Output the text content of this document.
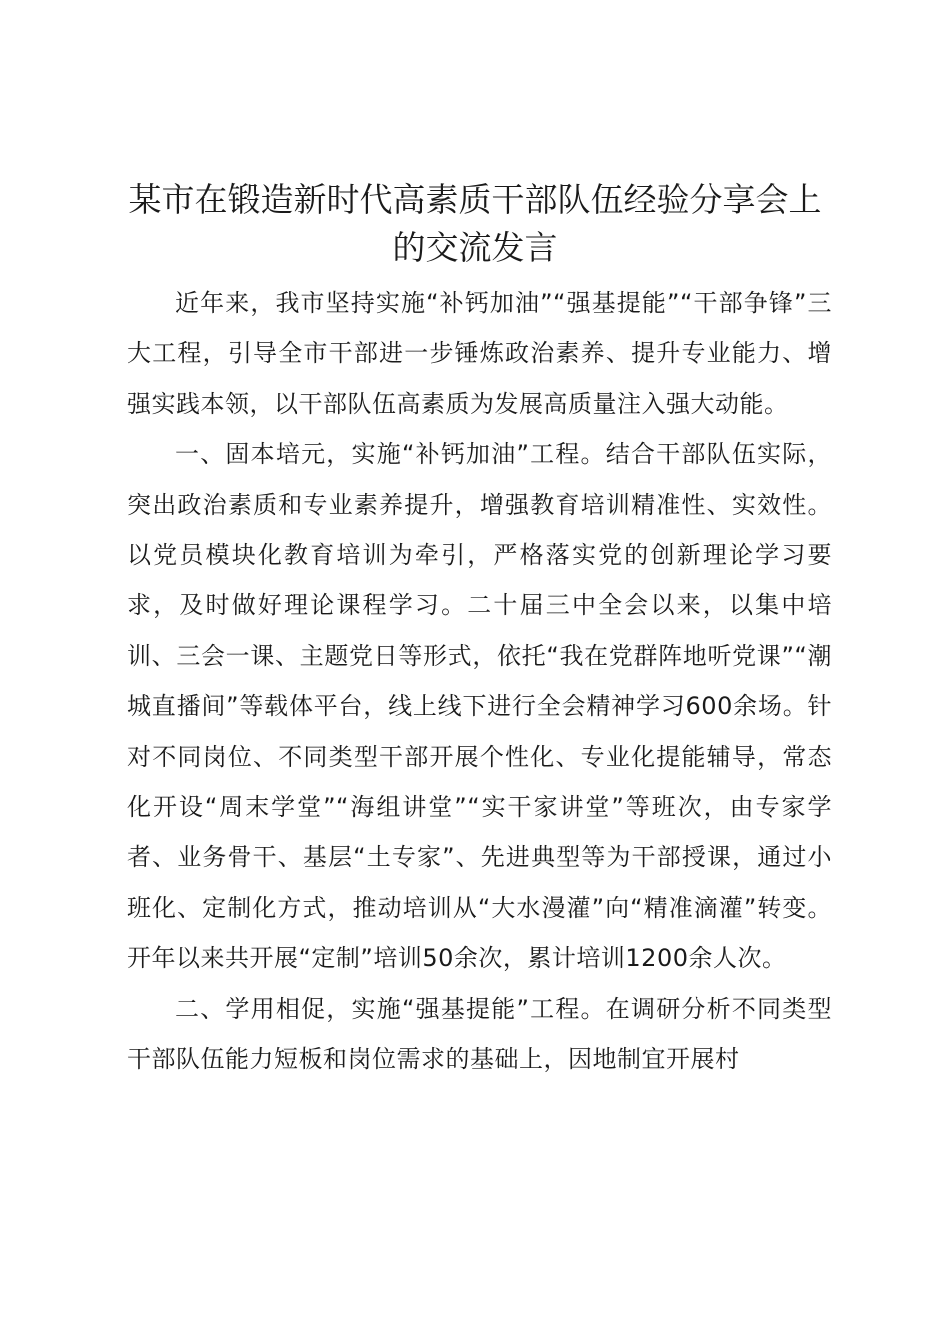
某市在锻造新时代高素质干部队伍经验分享会上的交流发言

近年来，我市坚持实施“补钙加油”“强基提能”“干部争锋”三大工程，引导全市干部进一步锤炼政治素养、提升专业能力、增强实践本领，以干部队伍高素质为发展高质量注入强大动能。

一、固本培元，实施“补钙加油”工程。结合干部队伍实际，突出政治素质和专业素养提升，增强教育培训精准性、实效性。以党员模块化教育培训为牵引，严格落实党的创新理论学习要求，及时做好理论课程学习。二十届三中全会以来，以集中培训、三会一课、主题党日等形式，依托“我在党群阵地听党课”“潮城直播间”等载体平台，线上线下进行全会精神学习600余场。针对不同岗位、不同类型干部开展个性化、专业化提能辅导，常态化开设“周末学堂”“海组讲堂”“实干家讲堂”等班次，由专家学者、业务骨干、基层“土专家”、先进典型等为干部授课，通过小班化、定制化方式，推动培训从“大水漫灌”向“精准滴灌”转变。开年以来共开展“定制”培训50余次，累计培训1200余人次。

二、学用相促，实施“强基提能”工程。在调研分析不同类型干部队伍能力短板和岗位需求的基础上，因地制宜开展村
